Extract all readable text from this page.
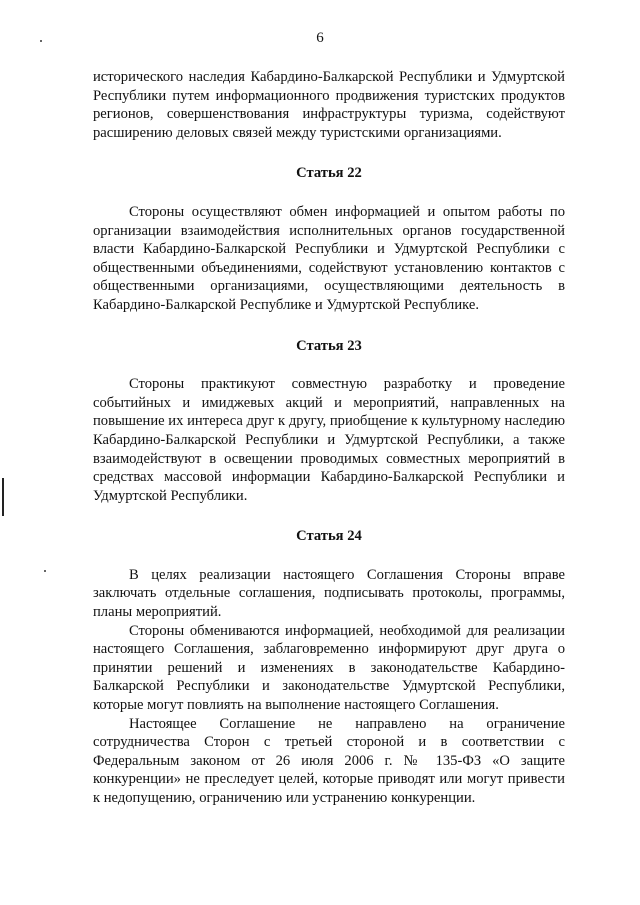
6

исторического наследия Кабардино-Балкарской Республики и Удмуртской Республики путем информационного продвижения туристских продуктов регионов, совершенствования инфраструктуры туризма, содействуют расширению деловых связей между туристскими организациями.

Статья 22

Стороны осуществляют обмен информацией и опытом работы по организации взаимодействия исполнительных органов государственной власти Кабардино-Балкарской Республики и Удмуртской Республики с общественными объединениями, содействуют установлению контактов с общественными организациями, осуществляющими деятельность в Кабардино-Балкарской Республике и Удмуртской Республике.

Статья 23

Стороны практикуют совместную разработку и проведение событийных и имиджевых акций и мероприятий, направленных на повышение их интереса друг к другу, приобщение к культурному наследию Кабардино-Балкарской Республики и Удмуртской Республики, а также взаимодействуют в освещении проводимых совместных мероприятий в средствах массовой информации Кабардино-Балкарской Республики и Удмуртской Республики.

Статья 24

В целях реализации настоящего Соглашения Стороны вправе заключать отдельные соглашения, подписывать протоколы, программы, планы мероприятий.

Стороны обмениваются информацией, необходимой для реализации настоящего Соглашения, заблаговременно информируют друг друга о принятии решений и изменениях в законодательстве Кабардино-Балкарской Республики и законодательстве Удмуртской Республики, которые могут повлиять на выполнение настоящего Соглашения.

Настоящее Соглашение не направлено на ограничение сотрудничества Сторон с третьей стороной и в соответствии с Федеральным законом от 26 июля 2006 г. № 135-ФЗ «О защите конкуренции» не преследует целей, которые приводят или могут привести к недопущению, ограничению или устранению конкуренции.
